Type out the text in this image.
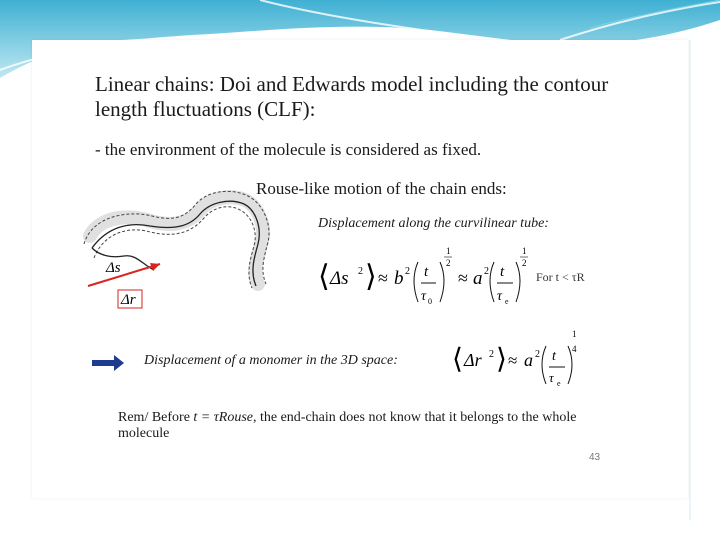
Linear chains: Doi and Edwards model including the contour length fluctuations (CLF):
- the environment of the molecule is considered as fixed.
Rouse-like motion of the chain ends:
Displacement along the curvilinear tube:
Δs
Δr
⟨ Δs 2 ⟩ ≈ b 2 t
τ 0
1
2
≈ a 2 t
τ e
1
2
For t < τR
Displacement of a monomer in the 3D space: ⟨ Δr 2 ⟩ ≈ a 2 t
τ e
1
4
Rem/ Before t = τRouse, the end-chain does not know that it belongs to the whole molecule
43
